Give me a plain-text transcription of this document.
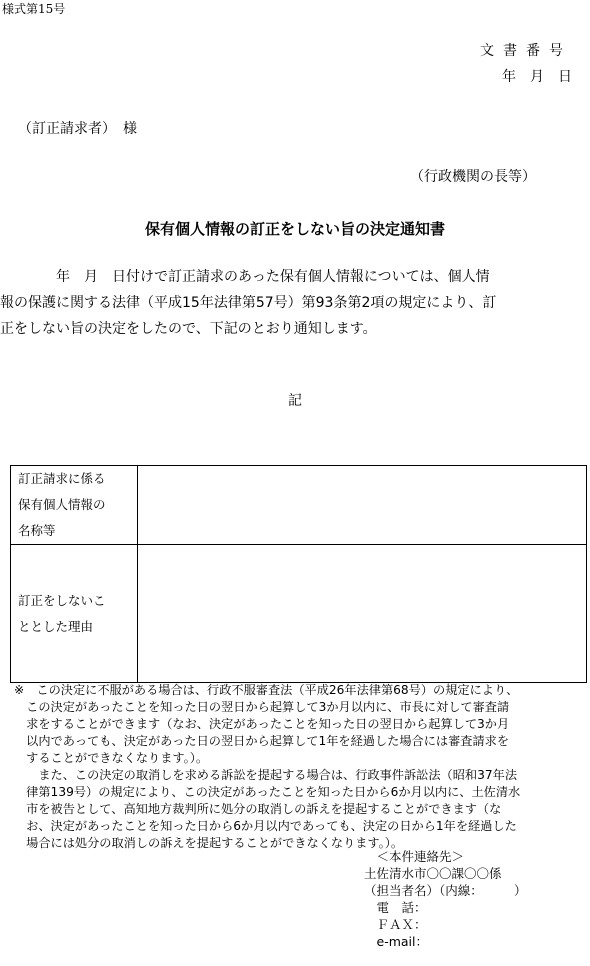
様式第15号
文書番号
年　月　日
（訂正請求者）　様
（行政機関の長等）
保有個人情報の訂正をしない旨の決定通知書
　　　　年　月　日付けで訂正請求のあった保有個人情報については、個人情
報の保護に関する法律（平成15年法律第57号）第93条第2項の規定により、訂
正をしない旨の決定をしたので、下記のとおり通知します。
記
訂正請求に係る
保有個人情報の
名称等	

訂正をしないこ
ととした理由	

※　この決定に不服がある場合は、行政不服審査法（平成26年法律第68号）の規定により、
　この決定があったことを知った日の翌日から起算して3か月以内に、市長に対して審査請
　求をすることができます（なお、決定があったことを知った日の翌日から起算して3か月
　以内であっても、決定があった日の翌日から起算して1年を経過した場合には審査請求を
　することができなくなります。）。
　　また、この決定の取消しを求める訴訟を提起する場合は、行政事件訴訟法（昭和37年法
　律第139号）の規定により、この決定があったことを知った日から6か月以内に、土佐清水
　市を被告として、高知地方裁判所に処分の取消しの訴えを提起することができます（な
　お、決定があったことを知った日から6か月以内であっても、決定の日から1年を経過した
　場合には処分の取消しの訴えを提起することができなくなります。）。
　＜本件連絡先＞
土佐清水市〇〇課〇〇係
（担当者名）（内線：　　　）
　電　話：
　ＦＡＸ：
　e-mail：
